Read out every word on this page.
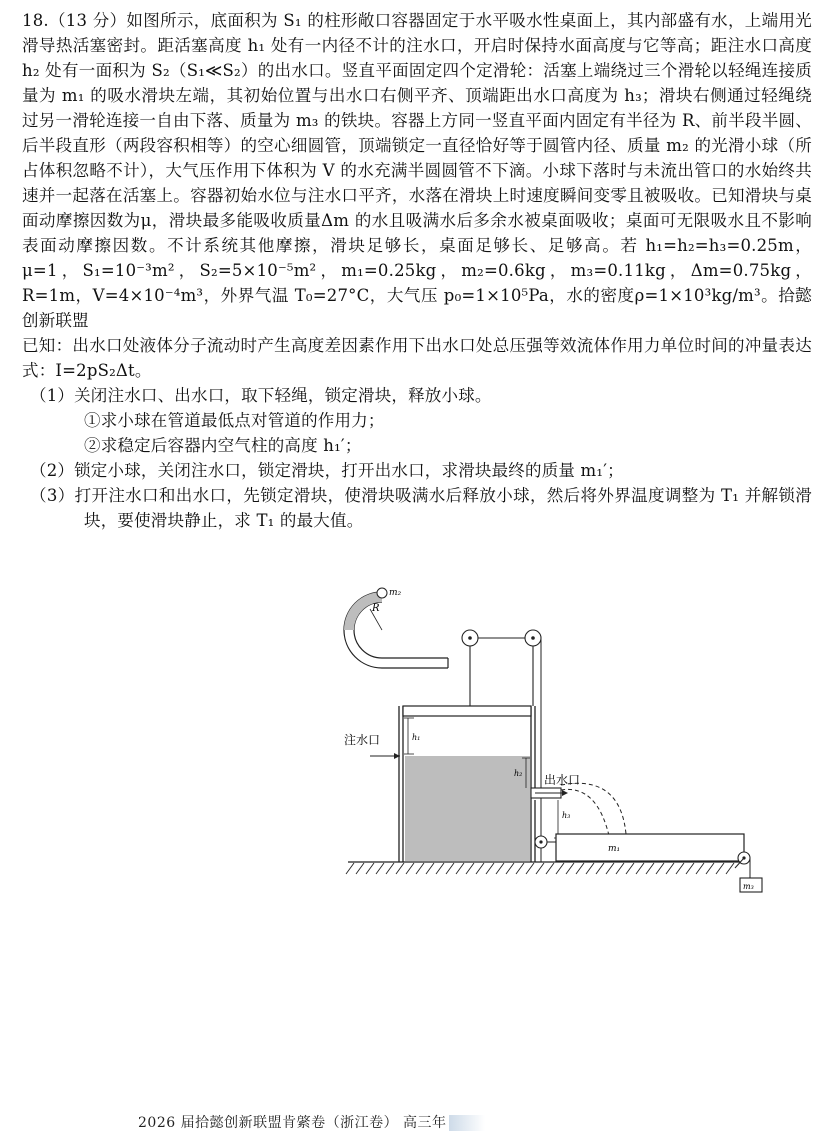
18.（13 分）如图所示，底面积为 S₁ 的柱形敞口容器固定于水平吸水性桌面上，其内部盛有水，上端用光滑导热活塞密封。距活塞高度 h₁ 处有一内径不计的注水口，开启时保持水面高度与它等高；距注水口高度 h₂ 处有一面积为 S₂（S₁≪S₂）的出水口。竖直平面固定四个定滑轮：活塞上端绕过三个滑轮以轻绳连接质量为 m₁ 的吸水滑块左端，其初始位置与出水口右侧平齐、顶端距出水口高度为 h₃；滑块右侧通过轻绳绕过另一滑轮连接一自由下落、质量为 m₃ 的铁块。容器上方同一竖直平面内固定有半径为 R、前半段半圆、后半段直形（两段容积相等）的空心细圆管，顶端锁定一直径恰好等于圆管内径、质量 m₂ 的光滑小球（所占体积忽略不计），大气压作用下体积为 V 的水充满半圆圆管不下滴。小球下落时与未流出管口的水始终共速并一起落在活塞上。容器初始水位与注水口平齐，水落在滑块上时速度瞬间变零且被吸收。已知滑块与桌面动摩擦因数为μ，滑块最多能吸收质量Δm 的水且吸满水后多余水被桌面吸收；桌面可无限吸水且不影响表面动摩擦因数。不计系统其他摩擦，滑块足够长，桌面足够长、足够高。若 h₁=h₂=h₃=0.25m，μ=1，S₁=10⁻³m²，S₂=5×10⁻⁵m²，m₁=0.25kg，m₂=0.6kg，m₃=0.11kg，Δm=0.75kg，R=1m，V=4×10⁻⁴m³，外界气温 T₀=27°C，大气压 p₀=1×10⁵Pa，水的密度ρ=1×10³kg/m³。拾懿创新联盟

已知：出水口处液体分子流动时产生高度差因素作用下出水口处总压强等效流体作用力单位时间的冲量表达式：I=2pS₂Δt。

（1）关闭注水口、出水口，取下轻绳，锁定滑块，释放小球。

①求小球在管道最低点对管道的作用力；

②求稳定后容器内空气柱的高度 h₁′；

（2）锁定小球，关闭注水口，锁定滑块，打开出水口，求滑块最终的质量 m₁′；

（3）打开注水口和出水口，先锁定滑块，使滑块吸满水后释放小球，然后将外界温度调整为 T₁ 并解锁滑块，要使滑块静止，求 T₁ 的最大值。

m₂
R
注水口	h₁
h₂ 出水口
h₃
m₁
m₃
2026 届拾懿创新联盟肯綮卷（浙江卷） 高三年
